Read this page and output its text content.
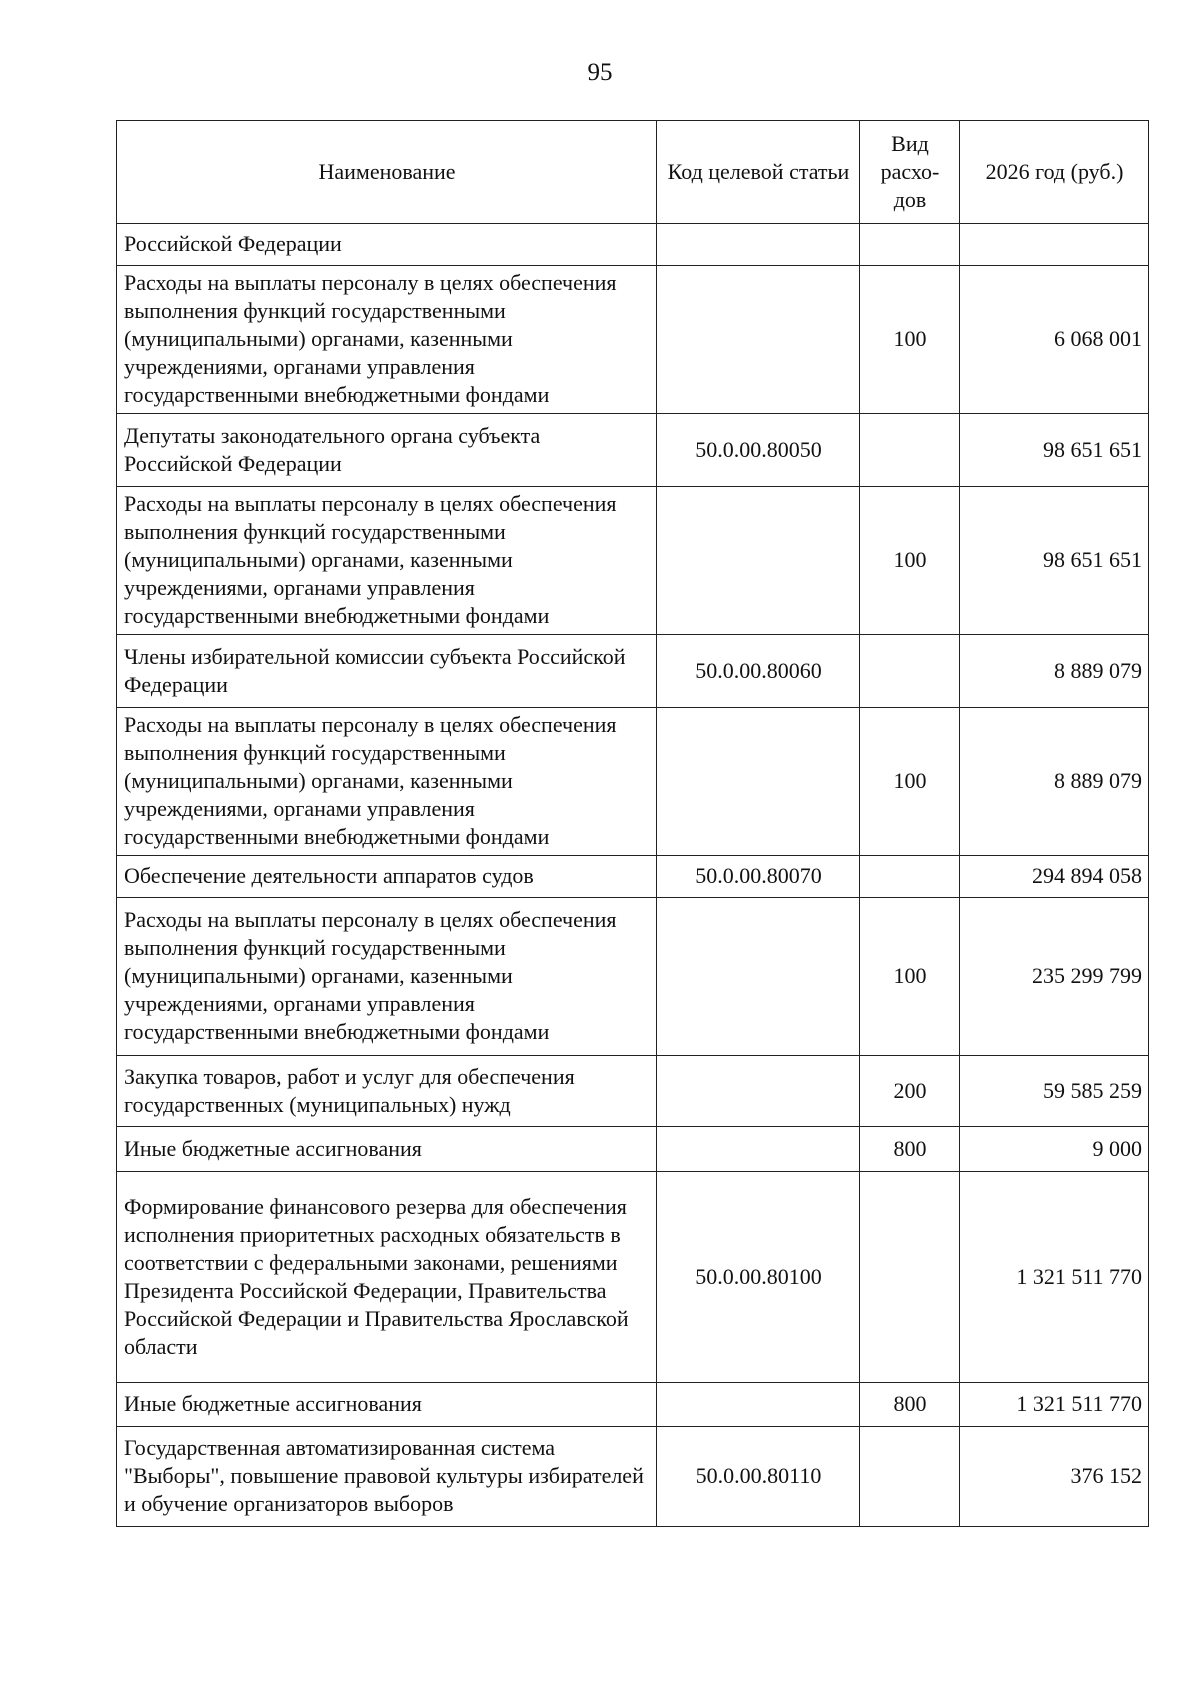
95
Наименование	Код целевой статьи	Вид расхо-дов	2026 год (руб.)
Российской Федерации			
Расходы на выплаты персоналу в целях обеспечения выполнения функций государственными (муниципальными) органами, казенными учреждениями, органами управления государственными внебюджетными фондами		100	6 068 001
Депутаты законодательного органа субъекта Российской Федерации	50.0.00.80050		98 651 651
Расходы на выплаты персоналу в целях обеспечения выполнения функций государственными (муниципальными) органами, казенными учреждениями, органами управления государственными внебюджетными фондами		100	98 651 651
Члены избирательной комиссии субъекта Российской Федерации	50.0.00.80060		8 889 079
Расходы на выплаты персоналу в целях обеспечения выполнения функций государственными (муниципальными) органами, казенными учреждениями, органами управления государственными внебюджетными фондами		100	8 889 079
Обеспечение деятельности аппаратов судов	50.0.00.80070		294 894 058
Расходы на выплаты персоналу в целях обеспечения выполнения функций государственными (муниципальными) органами, казенными учреждениями, органами управления государственными внебюджетными фондами		100	235 299 799
Закупка товаров, работ и услуг для обеспечения государственных (муниципальных) нужд		200	59 585 259
Иные бюджетные ассигнования		800	9 000
Формирование финансового резерва для обеспечения исполнения приоритетных расходных обязательств в соответствии с федеральными законами, решениями Президента Российской Федерации, Правительства Российской Федерации и Правительства Ярославской области	50.0.00.80100		1 321 511 770
Иные бюджетные ассигнования		800	1 321 511 770
Государственная автоматизированная система "Выборы", повышение правовой культуры избирателей и обучение организаторов выборов	50.0.00.80110		376 152
